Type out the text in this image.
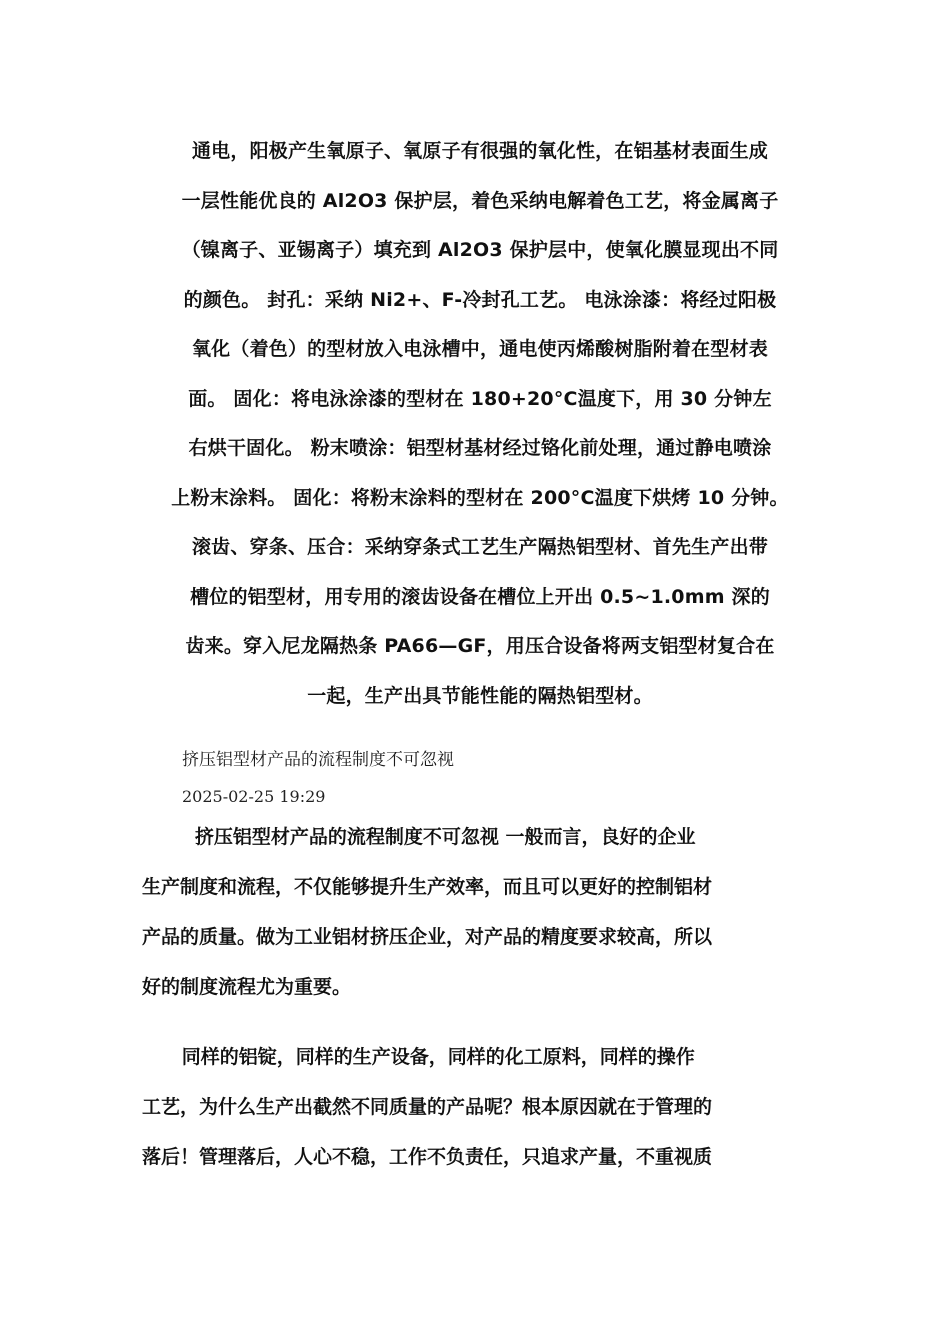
通电，阳极产生氧原子、氧原子有很强的氧化性，在铝基材表面生成
一层性能优良的 Al2O3 保护层，着色采纳电解着色工艺，将金属离子
（镍离子、亚锡离子）填充到 Al2O3 保护层中，使氧化膜显现出不同
的颜色。 封孔：采纳 Ni2+、F-冷封孔工艺。 电泳涂漆：将经过阳极
氧化（着色）的型材放入电泳槽中，通电使丙烯酸树脂附着在型材表
面。 固化：将电泳涂漆的型材在 180+20°C温度下，用 30 分钟左
右烘干固化。 粉末喷涂：铝型材基材经过铬化前处理，通过静电喷涂
上粉末涂料。 固化：将粉末涂料的型材在 200°C温度下烘烤 10 分钟。
滚齿、穿条、压合：采纳穿条式工艺生产隔热铝型材、首先生产出带
槽位的铝型材，用专用的滚齿设备在槽位上开出 0.5~1.0mm 深的
齿来。穿入尼龙隔热条 PA66—GF，用压合设备将两支铝型材复合在
一起，生产出具节能性能的隔热铝型材。
挤压铝型材产品的流程制度不可忽视
2025-02-25 19:29
挤压铝型材产品的流程制度不可忽视 一般而言，良好的企业
生产制度和流程，不仅能够提升生产效率，而且可以更好的控制铝材
产品的质量。做为工业铝材挤压企业，对产品的精度要求较高，所以
好的制度流程尤为重要。
同样的铝锭，同样的生产设备，同样的化工原料，同样的操作
工艺，为什么生产出截然不同质量的产品呢？根本原因就在于管理的
落后！管理落后，人心不稳，工作不负责任，只追求产量，不重视质
